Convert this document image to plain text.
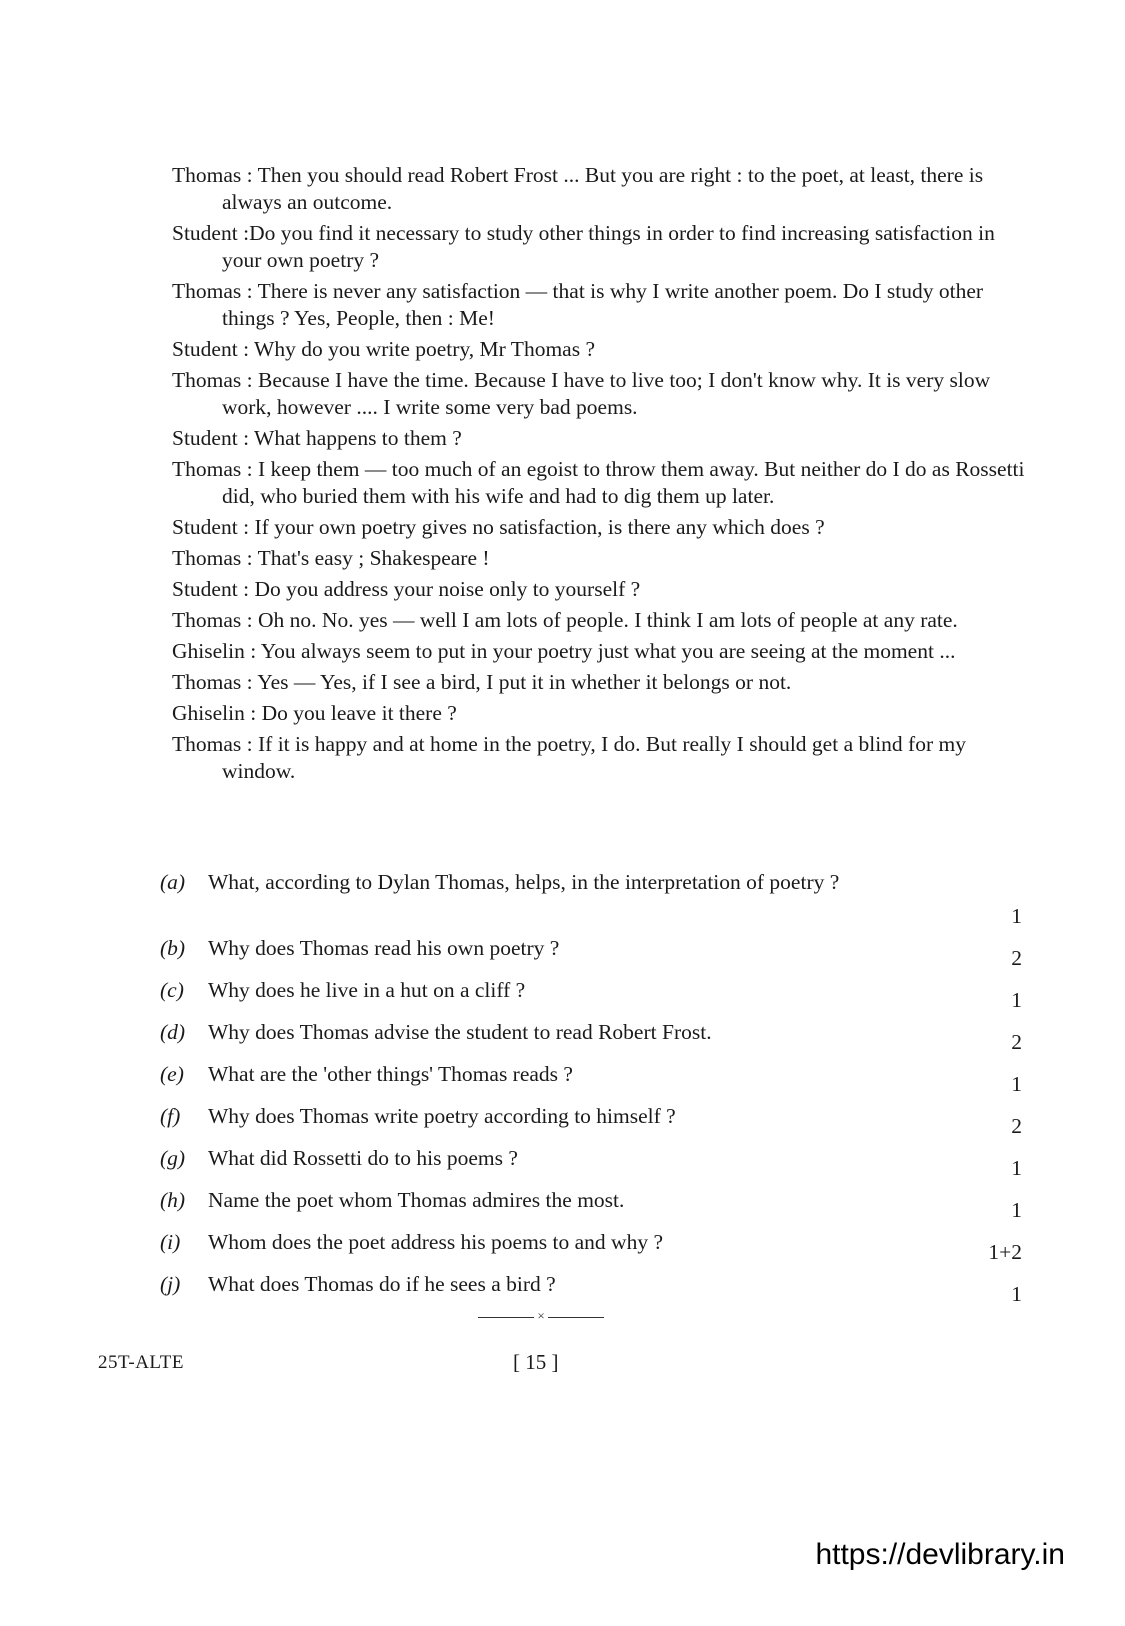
Thomas : Then you should read Robert Frost ... But you are right : to the poet, at least, there is always an outcome.

Student :Do you find it necessary to study other things in order to find increasing satisfaction in your own poetry ?

Thomas : There is never any satisfaction — that is why I write another poem. Do I study other things ? Yes, People, then : Me!

Student : Why do you write poetry, Mr Thomas ?

Thomas : Because I have the time. Because I have to live too; I don't know why. It is very slow work, however .... I write some very bad poems.

Student : What happens to them ?

Thomas : I keep them — too much of an egoist to throw them away. But neither do I do as Rossetti did, who buried them with his wife and had to dig them up later.

Student : If your own poetry gives no satisfaction, is there any which does ?

Thomas : That's easy ; Shakespeare !

Student : Do you address your noise only to yourself ?

Thomas : Oh no. No. yes — well I am lots of people. I think I am lots of people at any rate.

Ghiselin : You always seem to put in your poetry just what you are seeing at the moment ...

Thomas : Yes — Yes, if I see a bird, I put it in whether it belongs or not.

Ghiselin : Do you leave it there ?

Thomas : If it is happy and at home in the poetry, I do. But really I should get a blind for my window.

(a)	What, according to Dylan Thomas, helps, in the interpretation of poetry ?
1
(b)	Why does Thomas read his own poetry ?	2
(c)	Why does he live in a hut on a cliff ?	1
(d)	Why does Thomas advise the student to read Robert Frost.	2
(e)	What are the 'other things' Thomas reads ?	1
(f)	Why does Thomas write poetry according to himself ?	2
(g)	What did Rossetti do to his poems ?	1
(h)	Name the poet whom Thomas admires the most.	1
(i)	Whom does the poet address his poems to and why ?	1+2
(j)	What does Thomas do if he sees a bird ?	1
×
25T-ALTE	[ 15 ]
https://devlibrary.in
